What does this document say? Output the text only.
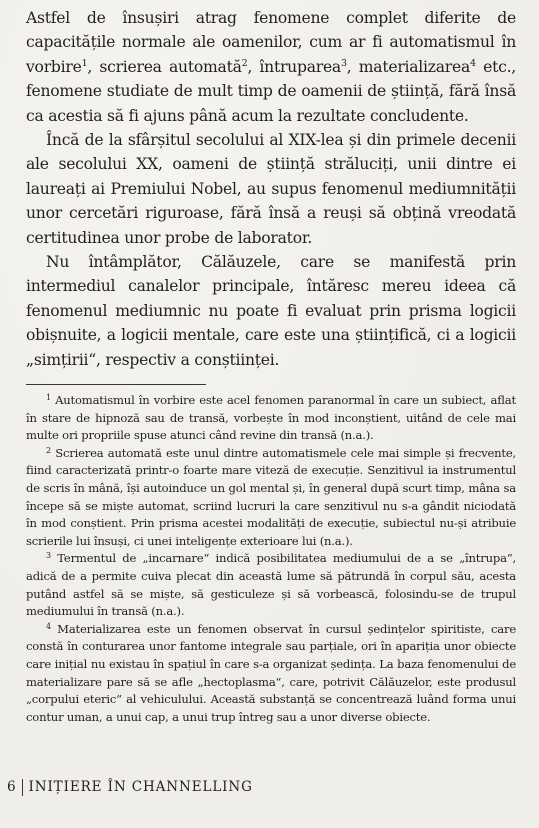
Astfel de însușiri atrag fenomene complet diferite de capacitățile normale ale oamenilor, cum ar fi automatismul în vorbire$^1$, scrierea automată$^2$, întruparea$^3$, materializarea$^4$ etc., fenomene studiate de mult timp de oamenii de știință, fără însă ca acestia să fi ajuns până acum la rezultate concludente.

Încă de la sfârșitul secolului al XIX-lea și din primele decenii ale secolului XX, oameni de știință străluciți, unii dintre ei laureați ai Premiului Nobel, au supus fenomenul mediumnității unor cercetări riguroase, fără însă a reuși să obțină vreodată certitudinea unor probe de laborator.

Nu întâmplător, Călăuzele, care se manifestă prin intermediul canalelor principale, întăresc mereu ideea că fenomenul mediumnic nu poate fi evaluat prin prisma logicii obișnuite, a logicii mentale, care este una științifică, ci a logicii „simțirii“, respectiv a conștiinței.

$^1$ Automatismul în vorbire este acel fenomen paranormal în care un subiect, aflat în stare de hipnoză sau de transă, vorbește în mod inconștient, uitând de cele mai multe ori propriile spuse atunci când revine din transă (n.a.).

$^2$ Scrierea automată este unul dintre automatismele cele mai simple și frecvente, fiind caracterizată printr-o foarte mare viteză de execuție. Senzitivul ia instrumentul de scris în mână, își autoinduce un gol mental și, în general după scurt timp, mâna sa începe să se miște automat, scriind lucruri la care senzitivul nu s-a gândit niciodată în mod conștient. Prin prisma acestei modalități de execuție, subiectul nu-și atribuie scrierile lui însuși, ci unei inteligențe exterioare lui (n.a.).

$^3$ Termentul de „incarnare“ indică posibilitatea mediumului de a se „întrupa“, adică de a permite cuiva plecat din această lume să pătrundă în corpul său, acesta putând astfel să se miște, să gesticuleze și să vorbească, folosindu-se de trupul mediumului în transă (n.a.).

$^4$ Materializarea este un fenomen observat în cursul ședințelor spiritiste, care constă în conturarea unor fantome integrale sau parțiale, ori în apariția unor obiecte care inițial nu existau în spațiul în care s-a organizat ședința. La baza fenomenului de materializare pare să se afle „hectoplasma“, care, potrivit Călăuzelor, este produsul „corpului eteric“ al vehiculului. Această substanță se concentrează luând forma unui contur uman, a unui cap, a unui trup întreg sau a unor diverse obiecte.

6 INIȚIERE ÎN CHANNELLING
